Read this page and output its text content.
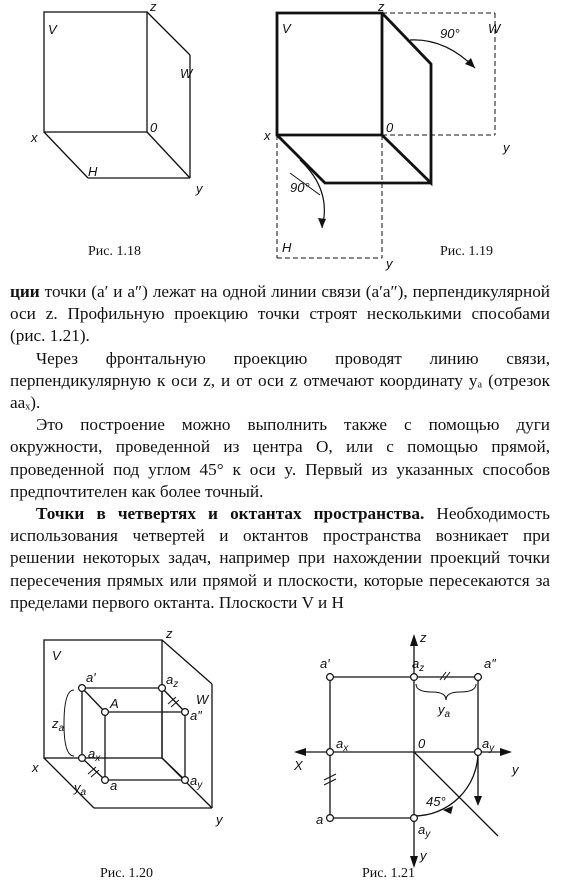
z
V
W
x
0
H
y
Рис. 1.18
z
V	W
90°
x
0
y
90°
H
y
Рис. 1.19

ции точки (a′ и a″) лежат на одной линии связи (a′a″), перпендикулярной оси z. Профильную проекцию точки строят несколькими способами (рис. 1.21).

Через фронтальную проекцию проводят линию связи, перпендикулярную к оси z, и от оси z отмечают координату yₐ (отрезок aaₓ).

Это построение можно выполнить также с помощью дуги окружности, проведенной из центра O, или с помощью прямой, проведенной под углом 45° к оси y. Первый из указанных способов предпочтителен как более точный.

Точки в четвертях и октантах пространства. Необходимость использования четвертей и октантов пространства возникает при решении некоторых задач, например при нахождении проекций точки пересечения прямых или прямой и плоскости, которые пересекаются за пределами первого октанта. Плоскости V и H

z
V
W
a′	$a_z$
A
a″
$z_a$
$a_x$
x
$a_y$
$y_a$ a
y
Рис. 1.20
z
a′	$a_z$	a″
$y_a$
$a_x$	0	$a_y$
X	y
45°
a
$a_y$
y
Рис. 1.21
